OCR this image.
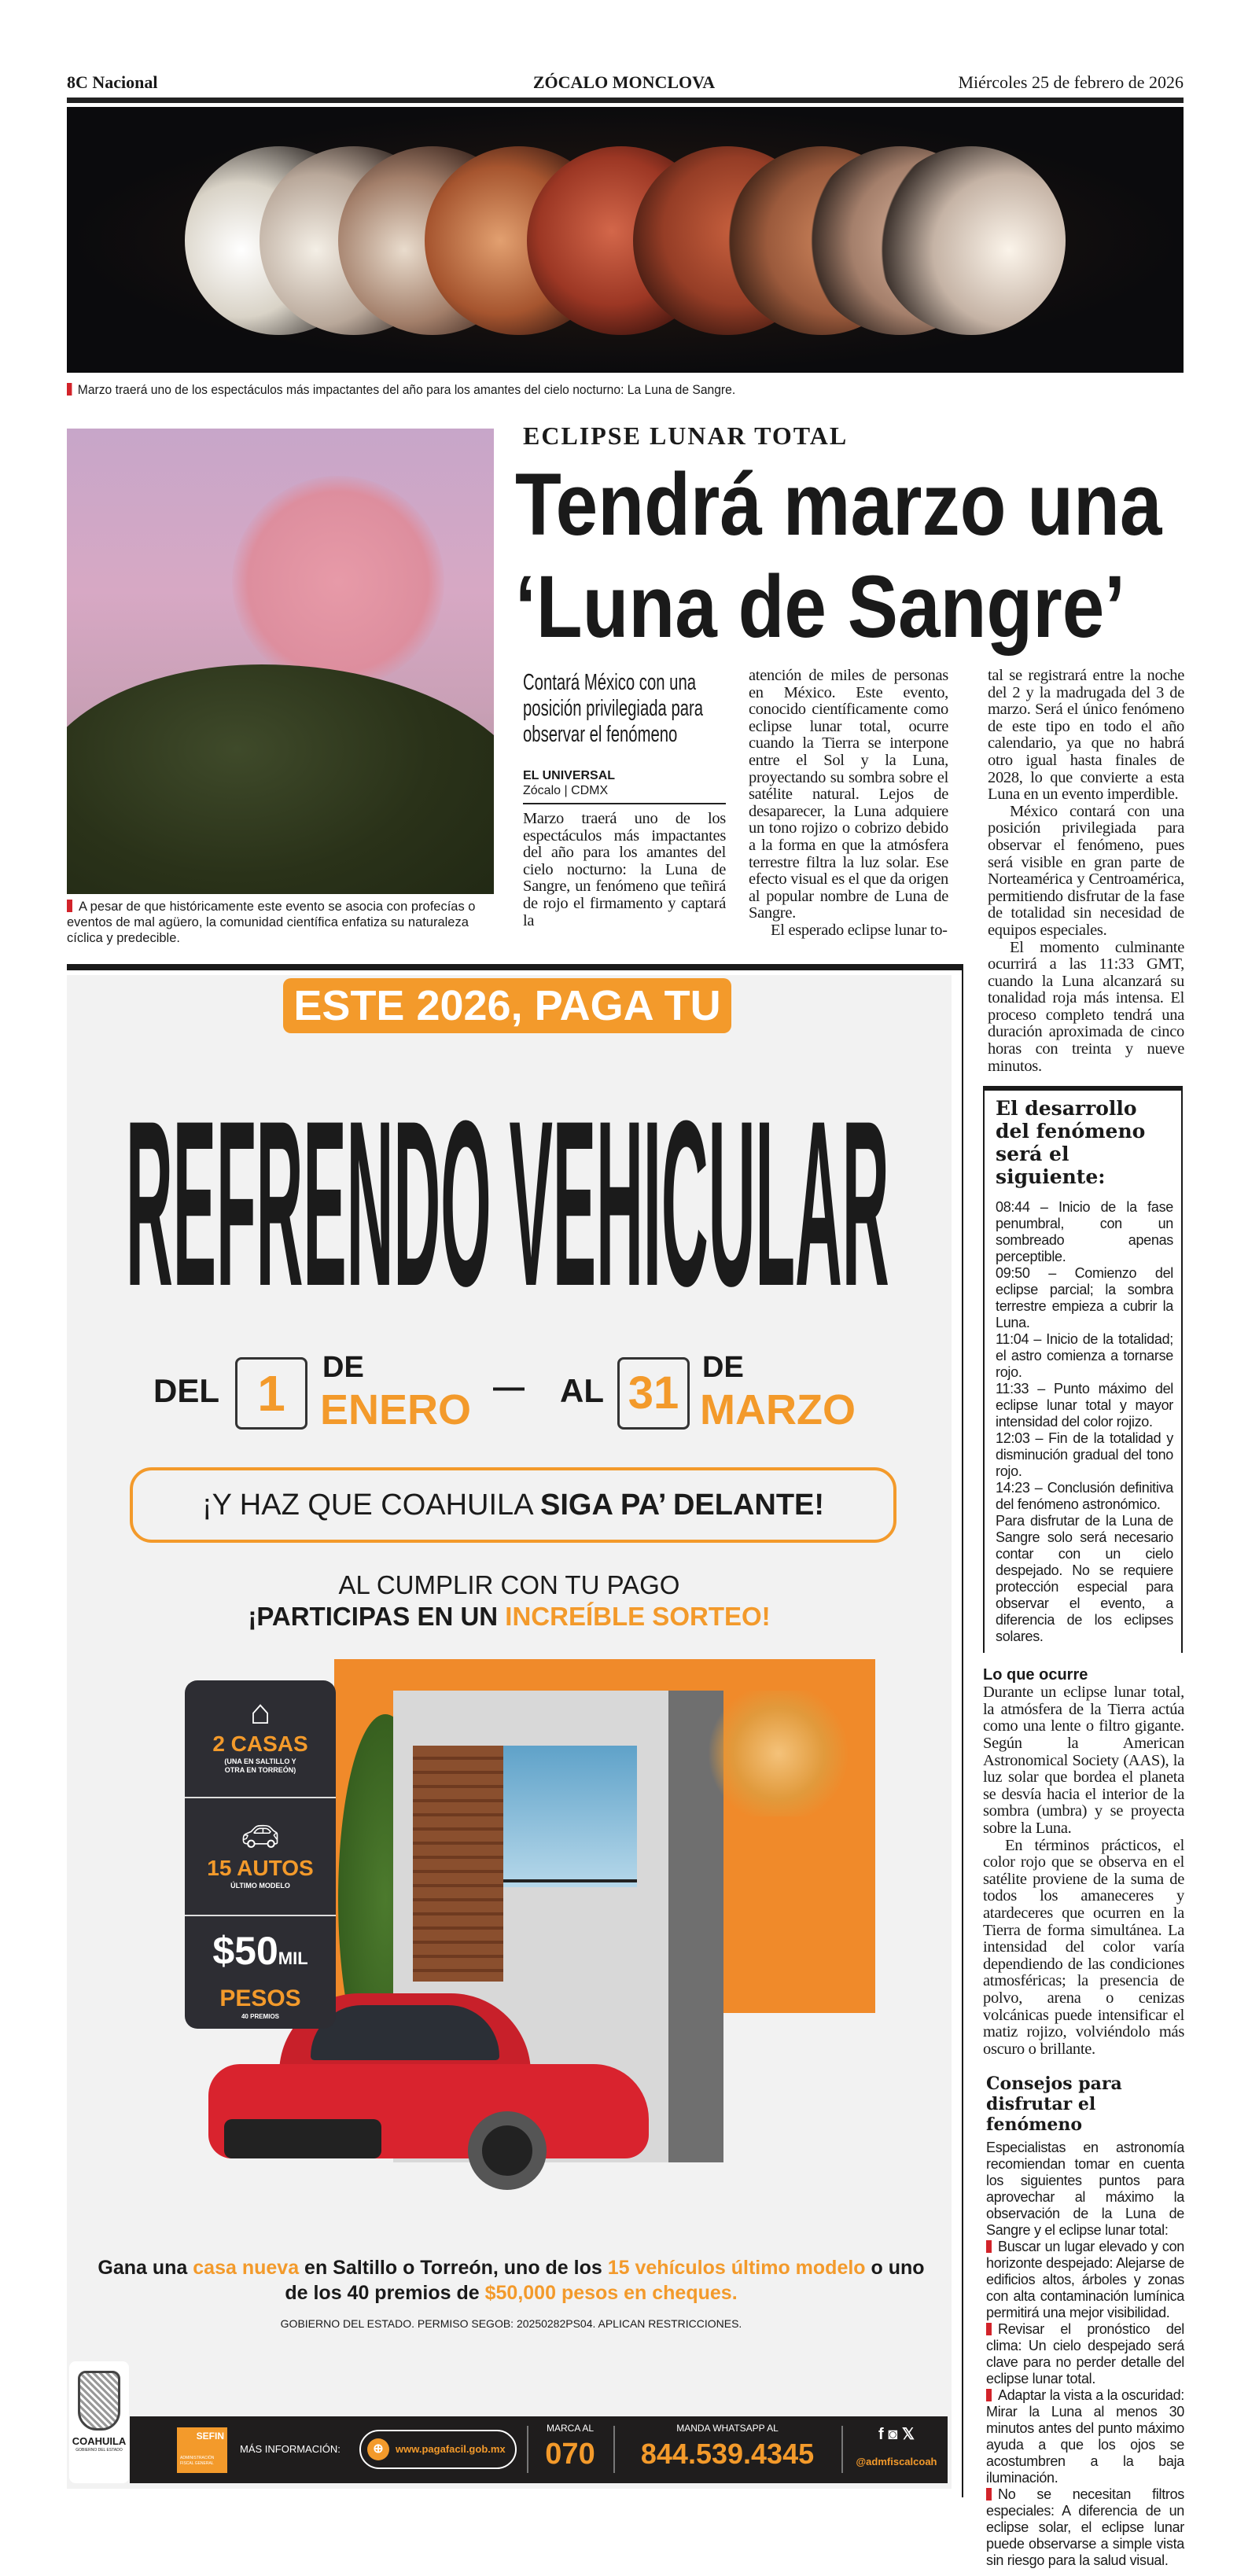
8C Nacional	ZÓCALO MONCLOVA	Miércoles 25 de febrero de 2026
Marzo traerá uno de los espectáculos más impactantes del año para los amantes del cielo nocturno: La Luna de Sangre.
A pesar de que históricamente este evento se asocia con profecías o eventos de mal agüero, la comunidad científica enfatiza su naturaleza cíclica y predecible.
ECLIPSE LUNAR TOTAL
Tendrá marzo una
‘Luna de Sangre’
Contará México con una posición privilegiada para observar el fenómeno
EL UNIVERSAL
Zócalo | CDMX

Marzo traerá uno de los espectáculos más impactantes del año para los amantes del cielo nocturno: la Luna de Sangre, un fenómeno que teñirá de rojo el firmamento y captará la

atención de miles de personas en México. Este evento, conocido científicamente como eclipse lunar total, ocurre cuando la Tierra se interpone entre el Sol y la Luna, proyectando su sombra sobre el satélite natural. Lejos de desaparecer, la Luna adquiere un tono rojizo o cobrizo debido a la forma en que la atmósfera terrestre filtra la luz solar. Ese efecto visual es el que da origen al popular nombre de Luna de Sangre.

El esperado eclipse lunar to-

tal se registrará entre la noche del 2 y la madrugada del 3 de marzo. Será el único fenómeno de este tipo en todo el año calendario, ya que no habrá otro igual hasta finales de 2028, lo que convierte a esta Luna en un evento imperdible.

México contará con una posición privilegiada para observar el fenómeno, pues será visible en gran parte de Norteamérica y Centroamérica, permitiendo disfrutar de la fase de totalidad sin necesidad de equipos especiales.

El momento culminante ocurrirá a las 11:33 GMT, cuando la Luna alcanzará su tonalidad roja más intensa. El proceso completo tendrá una duración aproximada de cinco horas con treinta y nueve minutos.

El desarrollo del fenómeno será el siguiente:

08:44 – Inicio de la fase penumbral, con un sombreado apenas perceptible.

09:50 – Comienzo del eclipse parcial; la sombra terrestre empieza a cubrir la Luna.

11:04 – Inicio de la totalidad; el astro comienza a tornarse rojo.

11:33 – Punto máximo del eclipse lunar total y mayor intensidad del color rojizo.

12:03 – Fin de la totalidad y disminución gradual del tono rojo.

14:23 – Conclusión definitiva del fenómeno astronómico.

Para disfrutar de la Luna de Sangre solo será necesario contar con un cielo despejado. No se requiere protección especial para observar el evento, a diferencia de los eclipses solares.

Lo que ocurre

Durante un eclipse lunar total, la atmósfera de la Tierra actúa como una lente o filtro gigante. Según la American Astronomical Society (AAS), la luz solar que bordea el planeta se desvía hacia el interior de la sombra (umbra) y se proyecta sobre la Luna.

En términos prácticos, el color rojo que se observa en el satélite proviene de la suma de todos los amaneceres y atardeceres que ocurren en la Tierra de forma simultánea. La intensidad del color varía dependiendo de las condiciones atmosféricas; la presencia de polvo, arena o cenizas volcánicas puede intensificar el matiz rojizo, volviéndolo más oscuro o brillante.

Consejos para disfrutar el fenómeno

Especialistas en astronomía recomiendan tomar en cuenta los siguientes puntos para aprovechar al máximo la observación de la Luna de Sangre y el eclipse lunar total:

Buscar un lugar elevado y con horizonte despejado: Alejarse de edificios altos, árboles y zonas con alta contaminación lumínica permitirá una mejor visibilidad.

Revisar el pronóstico del clima: Un cielo despejado será clave para no perder detalle del eclipse lunar total.

Adaptar la vista a la oscuridad: Mirar la Luna al menos 30 minutos antes del punto máximo ayuda a que los ojos se acostumbren a la baja iluminación.

No se necesitan filtros especiales: A diferencia de un eclipse solar, el eclipse lunar puede observarse a simple vista sin riesgo para la salud visual.

ESTE 2026, PAGA TU
REFRENDO VEHICULAR
DEL 1	DE
ENERO — AL 31 DE
MARZO
¡Y HAZ QUE COAHUILA SIGA PA’ DELANTE!
AL CUMPLIR CON TU PAGO
¡PARTICIPAS EN UN INCREÍBLE SORTEO!
⌂
2 CASAS
(UNA EN SALTILLO Y OTRA EN TORREÓN)
🚗︎
15 AUTOS
ÚLTIMO MODELO
$50MIL
PESOS
40 PREMIOS
Gana una casa nueva en Saltillo o Torreón, uno de los 15 vehículos último modelo o uno de los 40 premios de $50,000 pesos en cheques.
GOBIERNO DEL ESTADO. PERMISO SEGOB: 20250282PS04. APLICAN RESTRICCIONES.
COAHUILA
GOBIERNO DEL ESTADO
SEFIN
ADMINISTRACIÓN FISCAL GENERAL
MÁS INFORMACIÓN:	⊕	www.pagafacil.gob.mx
MARCA AL
070
MANDA WHATSAPP AL
844.539.4345
f ◙ 𝕏
@admfiscalcoah
